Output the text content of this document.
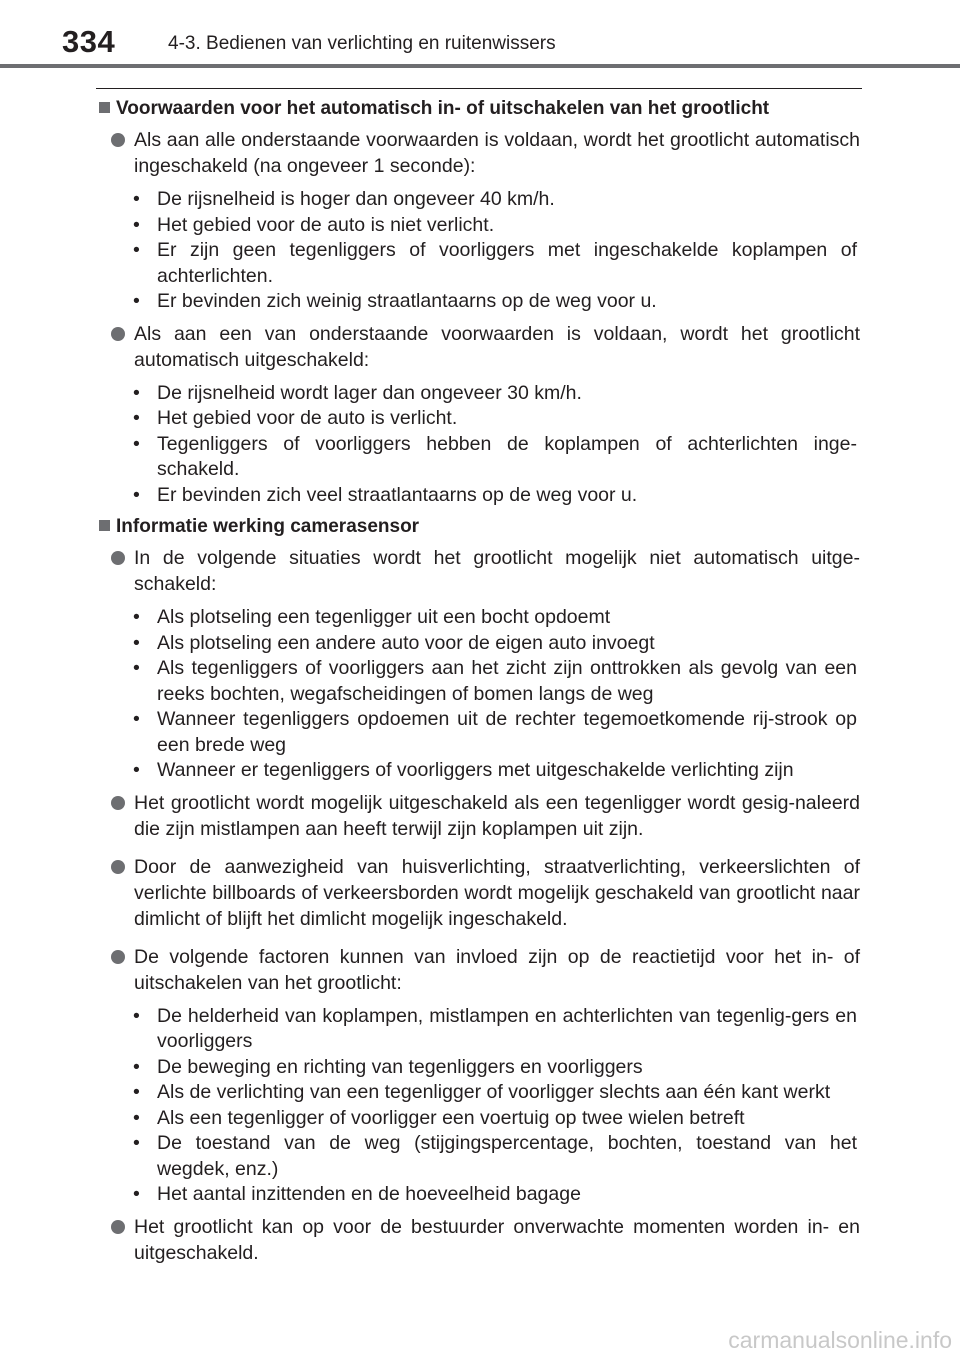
334	4-3. Bedienen van verlichting en ruitenwissers
Voorwaarden voor het automatisch in- of uitschakelen van het grootlicht
Als aan alle onderstaande voorwaarden is voldaan, wordt het grootlicht automatisch ingeschakeld (na ongeveer 1 seconde):
• De rijsnelheid is hoger dan ongeveer 40 km/h.
• Het gebied voor de auto is niet verlicht.
• Er zijn geen tegenliggers of voorliggers met ingeschakelde koplampen of achterlichten.
• Er bevinden zich weinig straatlantaarns op de weg voor u.
Als aan een van onderstaande voorwaarden is voldaan, wordt het grootlicht automatisch uitgeschakeld:
• De rijsnelheid wordt lager dan ongeveer 30 km/h.
• Het gebied voor de auto is verlicht.
• Tegenliggers of voorliggers hebben de koplampen of achterlichten inge-schakeld.
• Er bevinden zich veel straatlantaarns op de weg voor u.
Informatie werking camerasensor
In de volgende situaties wordt het grootlicht mogelijk niet automatisch uitge-schakeld:
• Als plotseling een tegenligger uit een bocht opdoemt
• Als plotseling een andere auto voor de eigen auto invoegt
• Als tegenliggers of voorliggers aan het zicht zijn onttrokken als gevolg van een reeks bochten, wegafscheidingen of bomen langs de weg
• Wanneer tegenliggers opdoemen uit de rechter tegemoetkomende rij-strook op een brede weg
• Wanneer er tegenliggers of voorliggers met uitgeschakelde verlichting zijn
Het grootlicht wordt mogelijk uitgeschakeld als een tegenligger wordt gesig-naleerd die zijn mistlampen aan heeft terwijl zijn koplampen uit zijn.
Door de aanwezigheid van huisverlichting, straatverlichting, verkeerslichten of verlichte billboards of verkeersborden wordt mogelijk geschakeld van grootlicht naar dimlicht of blijft het dimlicht mogelijk ingeschakeld.
De volgende factoren kunnen van invloed zijn op de reactietijd voor het in- of uitschakelen van het grootlicht:
• De helderheid van koplampen, mistlampen en achterlichten van tegenlig-gers en voorliggers
• De beweging en richting van tegenliggers en voorliggers
• Als de verlichting van een tegenligger of voorligger slechts aan één kant werkt
• Als een tegenligger of voorligger een voertuig op twee wielen betreft
• De toestand van de weg (stijgingspercentage, bochten, toestand van het wegdek, enz.)
• Het aantal inzittenden en de hoeveelheid bagage
Het grootlicht kan op voor de bestuurder onverwachte momenten worden in- en uitgeschakeld.
carmanualsonline.info
